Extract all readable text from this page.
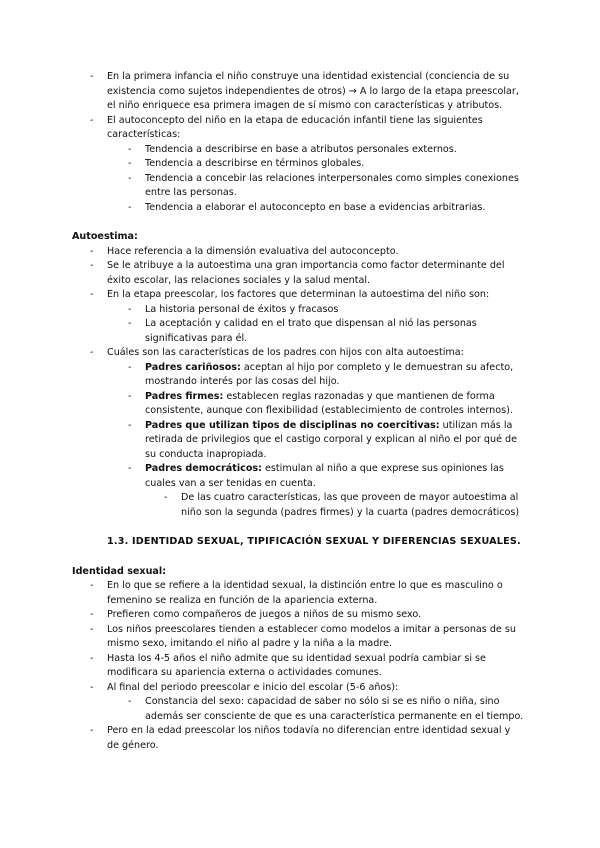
- En la primera infancia el niño construye una identidad existencial (conciencia de su existencia como sujetos independientes de otros) → A lo largo de la etapa preescolar, el niño enriquece esa primera imagen de sí mismo con características y atributos.
- El autoconcepto del niño en la etapa de educación infantil tiene las siguientes características:
- Tendencia a describirse en base a atributos personales externos.
- Tendencia a describirse en términos globales.
- Tendencia a concebir las relaciones interpersonales como simples conexiones entre las personas.
- Tendencia a elaborar el autoconcepto en base a evidencias arbitrarias.
Autoestima:
- Hace referencia a la dimensión evaluativa del autoconcepto.
- Se le atribuye a la autoestima una gran importancia como factor determinante del éxito escolar, las relaciones sociales y la salud mental.
- En la etapa preescolar, los factores que determinan la autoestima del niño son:
- La historia personal de éxitos y fracasos
- La aceptación y calidad en el trato que dispensan al nió las personas significativas para él.
- Cuáles son las características de los padres con hijos con alta autoestima:
- Padres cariñosos: aceptan al hijo por completo y le demuestran su afecto, mostrando interés por las cosas del hijo.
- Padres firmes: establecen reglas razonadas y que mantienen de forma consistente, aunque con flexibilidad (establecimiento de controles internos).
- Padres que utilizan tipos de disciplinas no coercitivas: utilizan más la retirada de privilegios que el castigo corporal y explican al niño el por qué de su conducta inapropiada.
- Padres democráticos: estimulan al niño a que exprese sus opiniones las cuales van a ser tenidas en cuenta.
- De las cuatro características, las que proveen de mayor autoestima al niño son la segunda (padres firmes) y la cuarta (padres democráticos)
1.3. IDENTIDAD SEXUAL, TIPIFICACIÓN SEXUAL Y DIFERENCIAS SEXUALES.
Identidad sexual:
- En lo que se refiere a la identidad sexual, la distinción entre lo que es masculino o femenino se realiza en función de la apariencia externa.
- Prefieren como compañeros de juegos a niños de su mismo sexo.
- Los niños preescolares tienden a establecer como modelos a imitar a personas de su mismo sexo, imitando el niño al padre y la niña a la madre.
- Hasta los 4-5 años el niño admite que su identidad sexual podría cambiar si se modificara su apariencia externa o actividades comunes.
- Al final del periodo preescolar e inicio del escolar (5-6 años):
- Constancia del sexo: capacidad de saber no sólo si se es niño o niña, sino además ser consciente de que es una característica permanente en el tiempo.
- Pero en la edad preescolar los niños todavía no diferencian entre identidad sexual y de género.
